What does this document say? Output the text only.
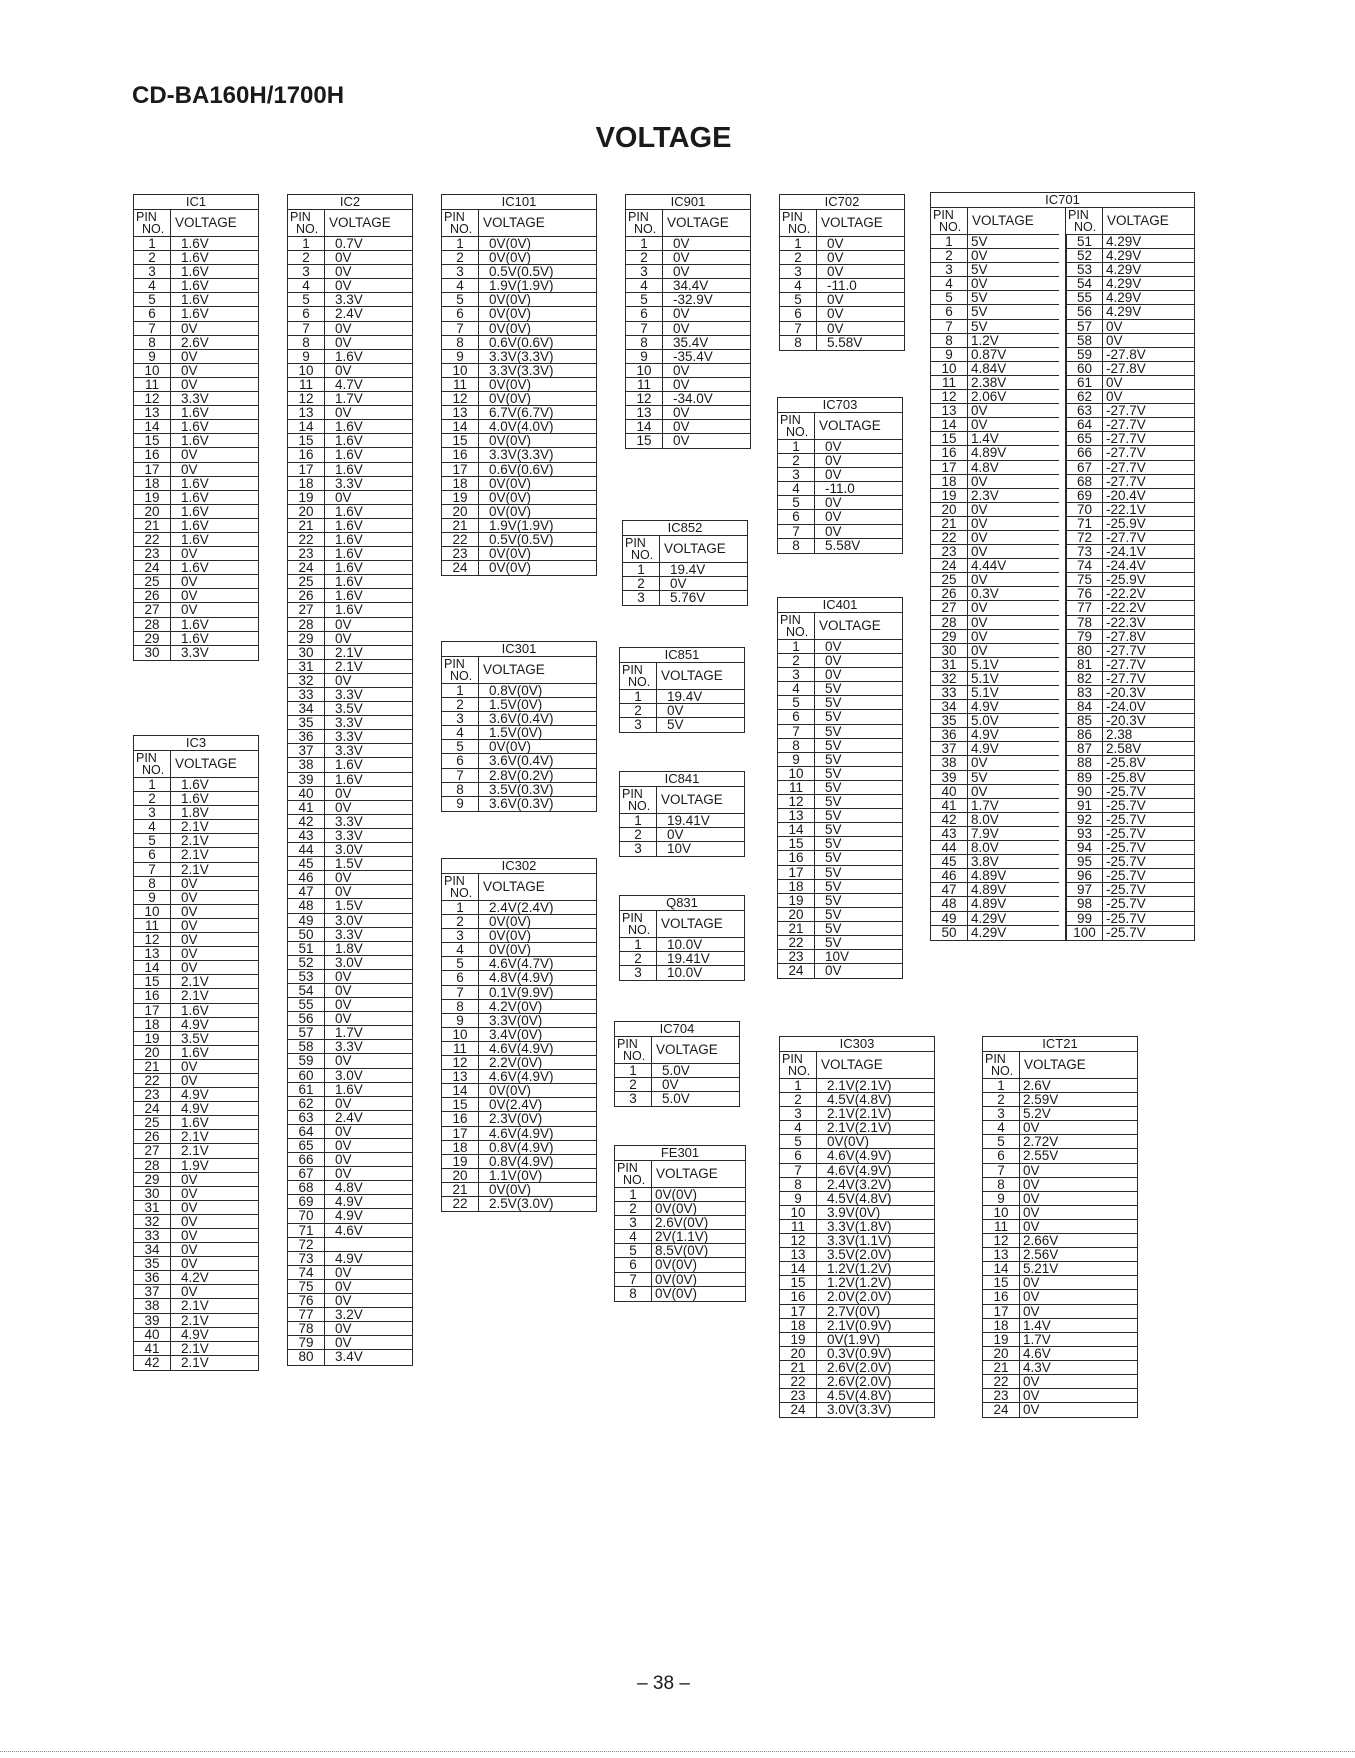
CD-BA160H/1700H
VOLTAGE
IC1
PIN
NO. VOLTAGE
1	1.6V
2	1.6V
3	1.6V
4	1.6V
5	1.6V
6	1.6V
7	0V
8	2.6V
9	0V
10	0V
11	0V
12	3.3V
13	1.6V
14	1.6V
15	1.6V
16	0V
17	0V
18	1.6V
19	1.6V
20	1.6V
21	1.6V
22	1.6V
23	0V
24	1.6V
25	0V
26	0V
27	0V
28	1.6V
29	1.6V
30	3.3V
IC3
PIN
NO. VOLTAGE
1	1.6V
2	1.6V
3	1.8V
4	2.1V
5	2.1V
6	2.1V
7	2.1V
8	0V
9	0V
10	0V
11	0V
12	0V
13	0V
14	0V
15	2.1V
16	2.1V
17	1.6V
18	4.9V
19	3.5V
20	1.6V
21	0V
22	0V
23	4.9V
24	4.9V
25	1.6V
26	2.1V
27	2.1V
28	1.9V
29	0V
30	0V
31	0V
32	0V
33	0V
34	0V
35	0V
36	4.2V
37	0V
38	2.1V
39	2.1V
40	4.9V
41	2.1V
42	2.1V
IC2
PIN
NO. VOLTAGE
1	0.7V
2	0V
3	0V
4	0V
5	3.3V
6	2.4V
7	0V
8	0V
9	1.6V
10	0V
11	4.7V
12	1.7V
13	0V
14	1.6V
15	1.6V
16	1.6V
17	1.6V
18	3.3V
19	0V
20	1.6V
21	1.6V
22	1.6V
23	1.6V
24	1.6V
25	1.6V
26	1.6V
27	1.6V
28	0V
29	0V
30	2.1V
31	2.1V
32	0V
33	3.3V
34	3.5V
35	3.3V
36	3.3V
37	3.3V
38	1.6V
39	1.6V
40	0V
41	0V
42	3.3V
43	3.3V
44	3.0V
45	1.5V
46	0V
47	0V
48	1.5V
49	3.0V
50	3.3V
51	1.8V
52	3.0V
53	0V
54	0V
55	0V
56	0V
57	1.7V
58	3.3V
59	0V
60	3.0V
61	1.6V
62	0V
63	2.4V
64	0V
65	0V
66	0V
67	0V
68	4.8V
69	4.9V
70	4.9V
71	4.6V
72
73	4.9V
74	0V
75	0V
76	0V
77	3.2V
78	0V
79	0V
80	3.4V
IC101
PIN
NO. VOLTAGE
1	0V(0V)
2	0V(0V)
3	0.5V(0.5V)
4	1.9V(1.9V)
5	0V(0V)
6	0V(0V)
7	0V(0V)
8	0.6V(0.6V)
9	3.3V(3.3V)
10	3.3V(3.3V)
11	0V(0V)
12	0V(0V)
13	6.7V(6.7V)
14	4.0V(4.0V)
15	0V(0V)
16	3.3V(3.3V)
17	0.6V(0.6V)
18	0V(0V)
19	0V(0V)
20	0V(0V)
21	1.9V(1.9V)
22	0.5V(0.5V)
23	0V(0V)
24	0V(0V)
IC301
PIN
NO. VOLTAGE
1	0.8V(0V)
2	1.5V(0V)
3	3.6V(0.4V)
4	1.5V(0V)
5	0V(0V)
6	3.6V(0.4V)
7	2.8V(0.2V)
8	3.5V(0.3V)
9	3.6V(0.3V)
IC302
PIN
NO. VOLTAGE
1	2.4V(2.4V)
2	0V(0V)
3	0V(0V)
4	0V(0V)
5	4.6V(4.7V)
6	4.8V(4.9V)
7	0.1V(9.9V)
8	4.2V(0V)
9	3.3V(0V)
10	3.4V(0V)
11	4.6V(4.9V)
12	2.2V(0V)
13	4.6V(4.9V)
14	0V(0V)
15	0V(2.4V)
16	2.3V(0V)
17	4.6V(4.9V)
18	0.8V(4.9V)
19	0.8V(4.9V)
20	1.1V(0V)
21	0V(0V)
22	2.5V(3.0V)
IC901
PIN
NO. VOLTAGE
1	0V
2	0V
3	0V
4	34.4V
5	-32.9V
6	0V
7	0V
8	35.4V
9	-35.4V
10	0V
11	0V
12	-34.0V
13	0V
14	0V
15	0V
IC852
PIN
NO. VOLTAGE
1	19.4V
2	0V
3	5.76V
IC851
PIN
NO. VOLTAGE
1	19.4V
2	0V
3	5V
IC841
PIN
NO. VOLTAGE
1	19.41V
2	0V
3	10V
Q831
PIN
NO. VOLTAGE
1	10.0V
2	19.41V
3	10.0V
IC704
PIN
NO. VOLTAGE
1	5.0V
2	0V
3	5.0V
FE301
PIN
NO. VOLTAGE
1	0V(0V)
2	0V(0V)
3	2.6V(0V)
4	2V(1.1V)
5	8.5V(0V)
6	0V(0V)
7	0V(0V)
8	0V(0V)
IC702
PIN
NO. VOLTAGE
1	0V
2	0V
3	0V
4	-11.0
5	0V
6	0V
7	0V
8	5.58V
IC703
PIN
NO. VOLTAGE
1	0V
2	0V
3	0V
4	-11.0
5	0V
6	0V
7	0V
8	5.58V
IC401
PIN
NO. VOLTAGE
1	0V
2	0V
3	0V
4	5V
5	5V
6	5V
7	5V
8	5V
9	5V
10	5V
11	5V
12	5V
13	5V
14	5V
15	5V
16	5V
17	5V
18	5V
19	5V
20	5V
21	5V
22	5V
23	10V
24	0V
IC303
PIN
NO. VOLTAGE
1	2.1V(2.1V)
2	4.5V(4.8V)
3	2.1V(2.1V)
4	2.1V(2.1V)
5	0V(0V)
6	4.6V(4.9V)
7	4.6V(4.9V)
8	2.4V(3.2V)
9	4.5V(4.8V)
10	3.9V(0V)
11	3.3V(1.8V)
12	3.3V(1.1V)
13	3.5V(2.0V)
14	1.2V(1.2V)
15	1.2V(1.2V)
16	2.0V(2.0V)
17	2.7V(0V)
18	2.1V(0.9V)
19	0V(1.9V)
20	0.3V(0.9V)
21	2.6V(2.0V)
22	2.6V(2.0V)
23	4.5V(4.8V)
24	3.0V(3.3V)
ICT21
PIN
NO. VOLTAGE
1	2.6V
2	2.59V
3	5.2V
4	0V
5	2.72V
6	2.55V
7	0V
8	0V
9	0V
10	0V
11	0V
12	2.66V
13	2.56V
14	5.21V
15	0V
16	0V
17	0V
18	1.4V
19	1.7V
20	4.6V
21	4.3V
22	0V
23	0V
24	0V
IC701
PIN
NO. VOLTAGE
1	5V
2	0V
3	5V
4	0V
5	5V
6	5V
7	5V
8	1.2V
9	0.87V
10	4.84V
11	2.38V
12	2.06V
13	0V
14	0V
15	1.4V
16	4.89V
17	4.8V
18	0V
19	2.3V
20	0V
21	0V
22	0V
23	0V
24	4.44V
25	0V
26	0.3V
27	0V
28	0V
29	0V
30	0V
31	5.1V
32	5.1V
33	5.1V
34	4.9V
35	5.0V
36	4.9V
37	4.9V
38	0V
39	5V
40	0V
41	1.7V
42	8.0V
43	7.9V
44	8.0V
45	3.8V
46	4.89V
47	4.89V
48	4.89V
49	4.29V
50	4.29V
PIN
NO. VOLTAGE
51	4.29V
52	4.29V
53	4.29V
54	4.29V
55	4.29V
56	4.29V
57	0V
58	0V
59	-27.8V
60	-27.8V
61	0V
62	0V
63	-27.7V
64	-27.7V
65	-27.7V
66	-27.7V
67	-27.7V
68	-27.7V
69	-20.4V
70	-22.1V
71	-25.9V
72	-27.7V
73	-24.1V
74	-24.4V
75	-25.9V
76	-22.2V
77	-22.2V
78	-22.3V
79	-27.8V
80	-27.7V
81	-27.7V
82	-27.7V
83	-20.3V
84	-24.0V
85	-20.3V
86	2.38
87	2.58V
88	-25.8V
89	-25.8V
90	-25.7V
91	-25.7V
92	-25.7V
93	-25.7V
94	-25.7V
95	-25.7V
96	-25.7V
97	-25.7V
98	-25.7V
99	-25.7V
100 -25.7V
– 38 –
